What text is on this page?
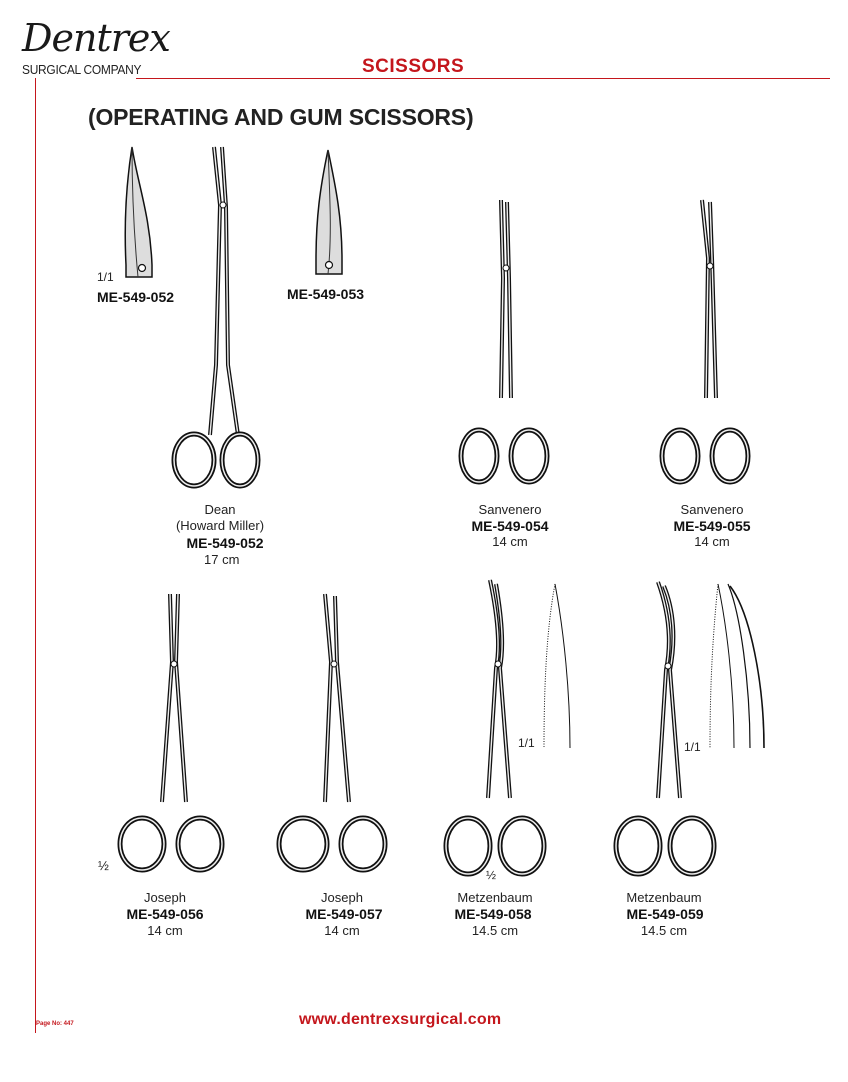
Dentrex
SURGICAL COMPANY	SCISSORS
(OPERATING AND GUM SCISSORS)
1/1
ME-549-052	ME-549-053
Dean
(Howard Miller)
ME-549-052
17 cm
Sanvenero
ME-549-054
14 cm
Sanvenero
ME-549-055
14 cm
½
Joseph
ME-549-056
14 cm
Joseph
ME-549-057
14 cm
1/1
½
Metzenbaum
ME-549-058
14.5 cm
1/1
Metzenbaum
ME-549-059
14.5 cm
Page No: 447	www.dentrexsurgical.com
